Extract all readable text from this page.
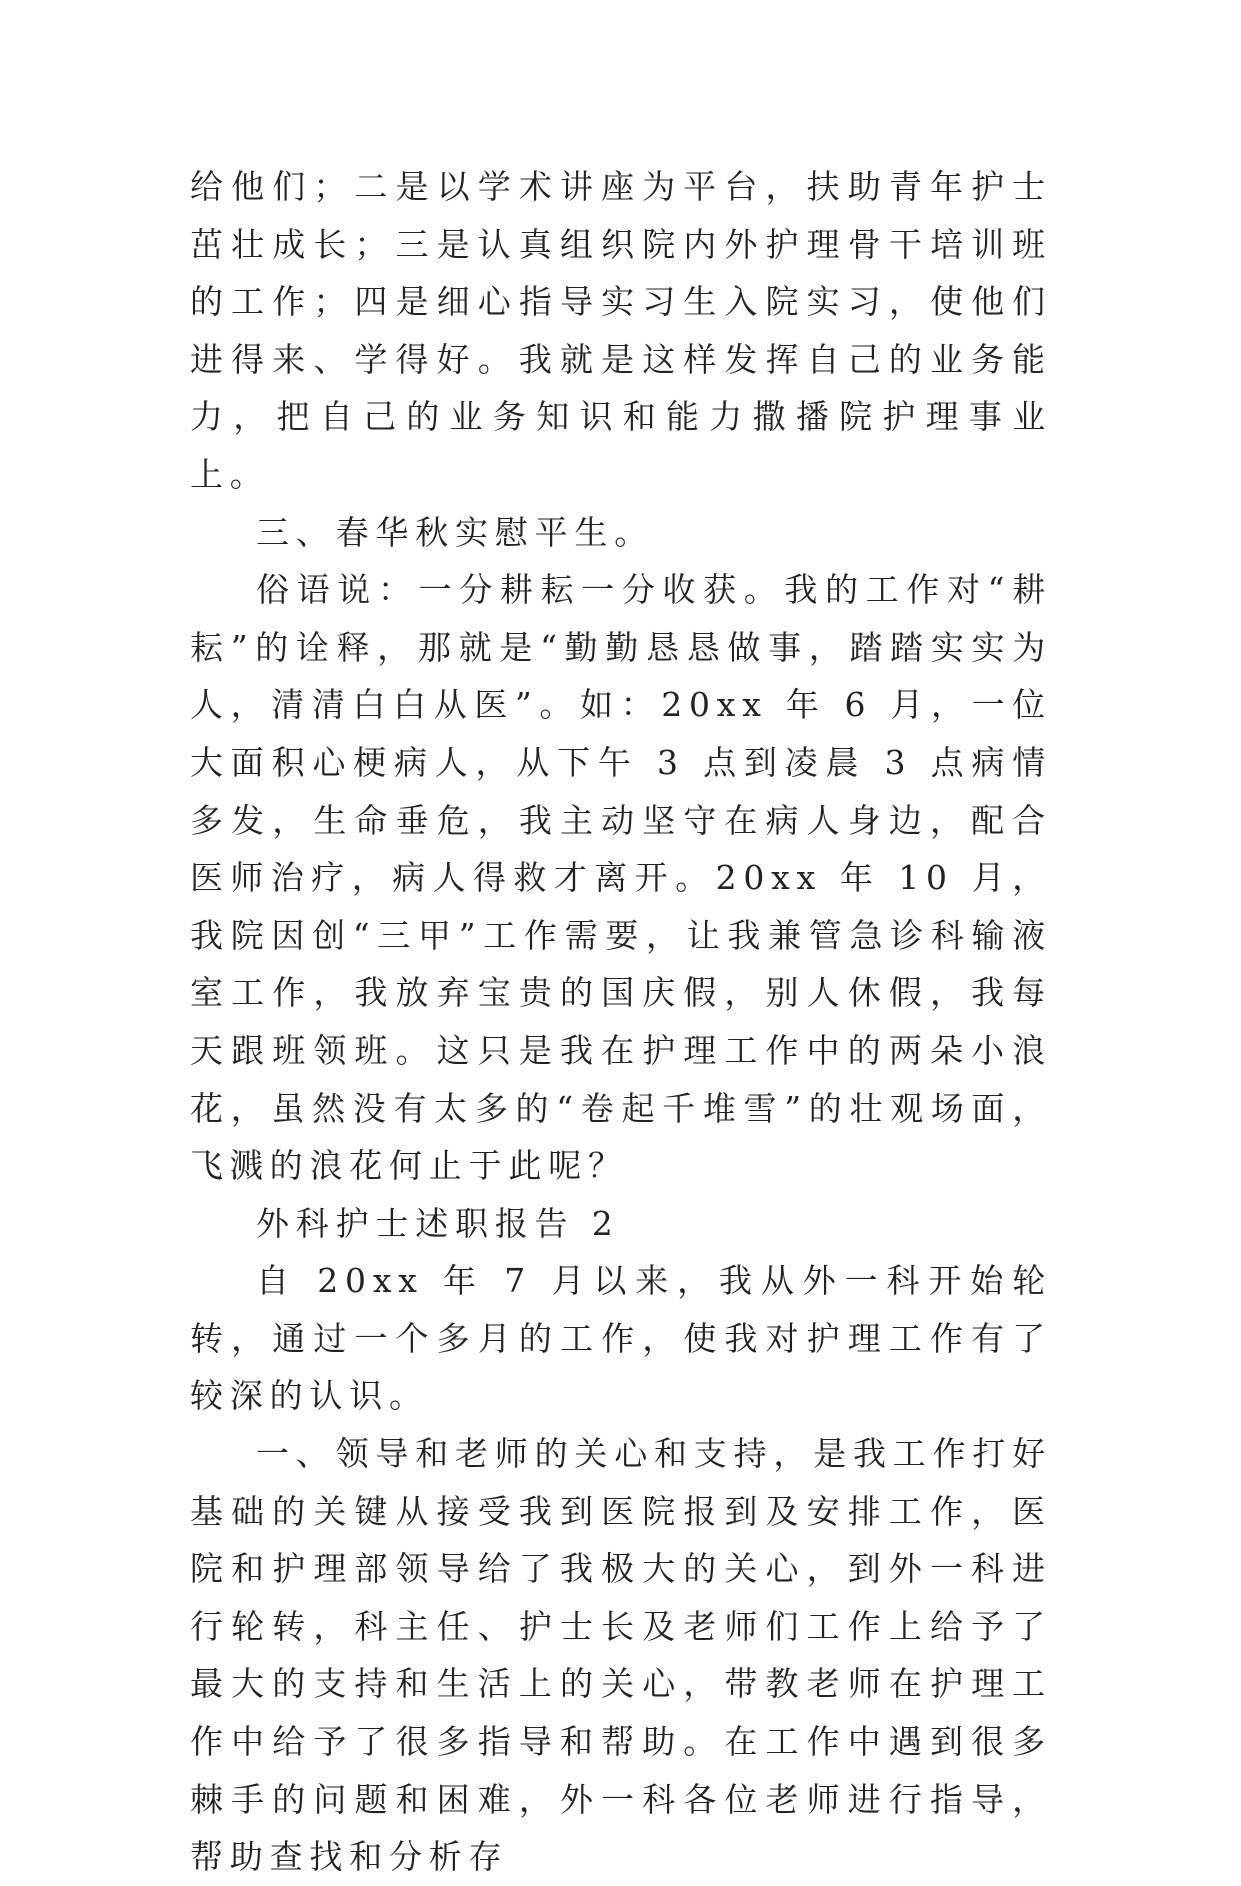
给他们；二是以学术讲座为平台，扶助青年护士茁壮成长；三是认真组织院内外护理骨干培训班的工作；四是细心指导实习生入院实习，使他们进得来、学得好。我就是这样发挥自己的业务能力，把自己的业务知识和能力撒播院护理事业上。

三、春华秋实慰平生。

俗语说：一分耕耘一分收获。我的工作对“耕耘”的诠释，那就是“勤勤恳恳做事，踏踏实实为人，清清白白从医”。如：20xx 年 6 月，一位大面积心梗病人，从下午 3 点到凌晨 3 点病情多发，生命垂危，我主动坚守在病人身边，配合医师治疗，病人得救才离开。20xx 年 10 月，我院因创“三甲”工作需要，让我兼管急诊科输液室工作，我放弃宝贵的国庆假，别人休假，我每天跟班领班。这只是我在护理工作中的两朵小浪花，虽然没有太多的“卷起千堆雪”的壮观场面，飞溅的浪花何止于此呢？

外科护士述职报告 2

自 20xx 年 7 月以来，我从外一科开始轮转，通过一个多月的工作，使我对护理工作有了较深的认识。

一、领导和老师的关心和支持，是我工作打好基础的关键从接受我到医院报到及安排工作，医院和护理部领导给了我极大的关心，到外一科进行轮转，科主任、护士长及老师们工作上给予了最大的支持和生活上的关心，带教老师在护理工作中给予了很多指导和帮助。在工作中遇到很多棘手的问题和困难，外一科各位老师进行指导，帮助查找和分析存
